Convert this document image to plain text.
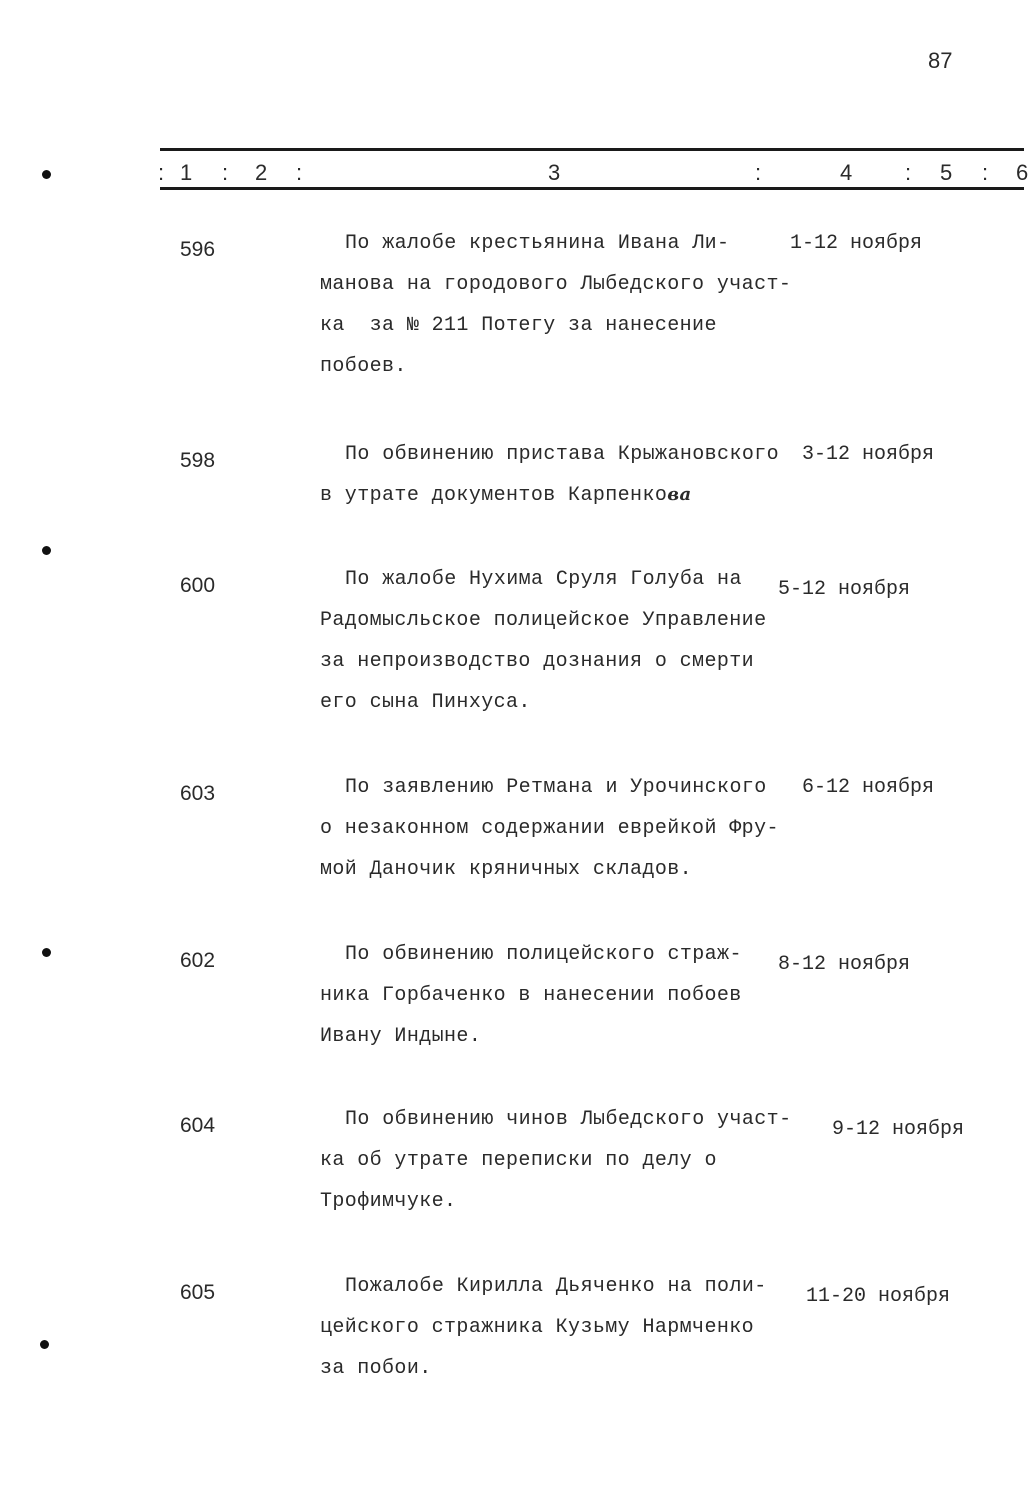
87
: 1 : 2 :	3	:	4 : 5 : 6
596	По жалобе крестьянина Ивана Ли-
манова на городового Лыбедского участ-
ка  за № 211 Потегу за нанесение
побоев.
1-12 ноября
598	По обвинению пристава Крыжановского
в утрате документов Карпенкова
3-12 ноября
600	По жалобе Нухима Сруля Голуба на
Радомысльское полицейское Управление
за непроизводство дознания о смерти
его сына Пинхуса.
5-12 ноября
603	По заявлению Ретмана и Урочинского
о незаконном содержании еврейкой Фру-
мой Даночик кряничных складов.
6-12 ноября
602	По обвинению полицейского страж-
ника Горбаченко в нанесении побоев
Ивану Индыне.
8-12 ноября
604	По обвинению чинов Лыбедского участ-
ка об утрате переписки по делу о
Трофимчуке.
9-12 ноября
605	Пожалобе Кирилла Дьяченко на поли-
цейского стражника Кузьму Нармченко
за побои.
11-20 ноября
